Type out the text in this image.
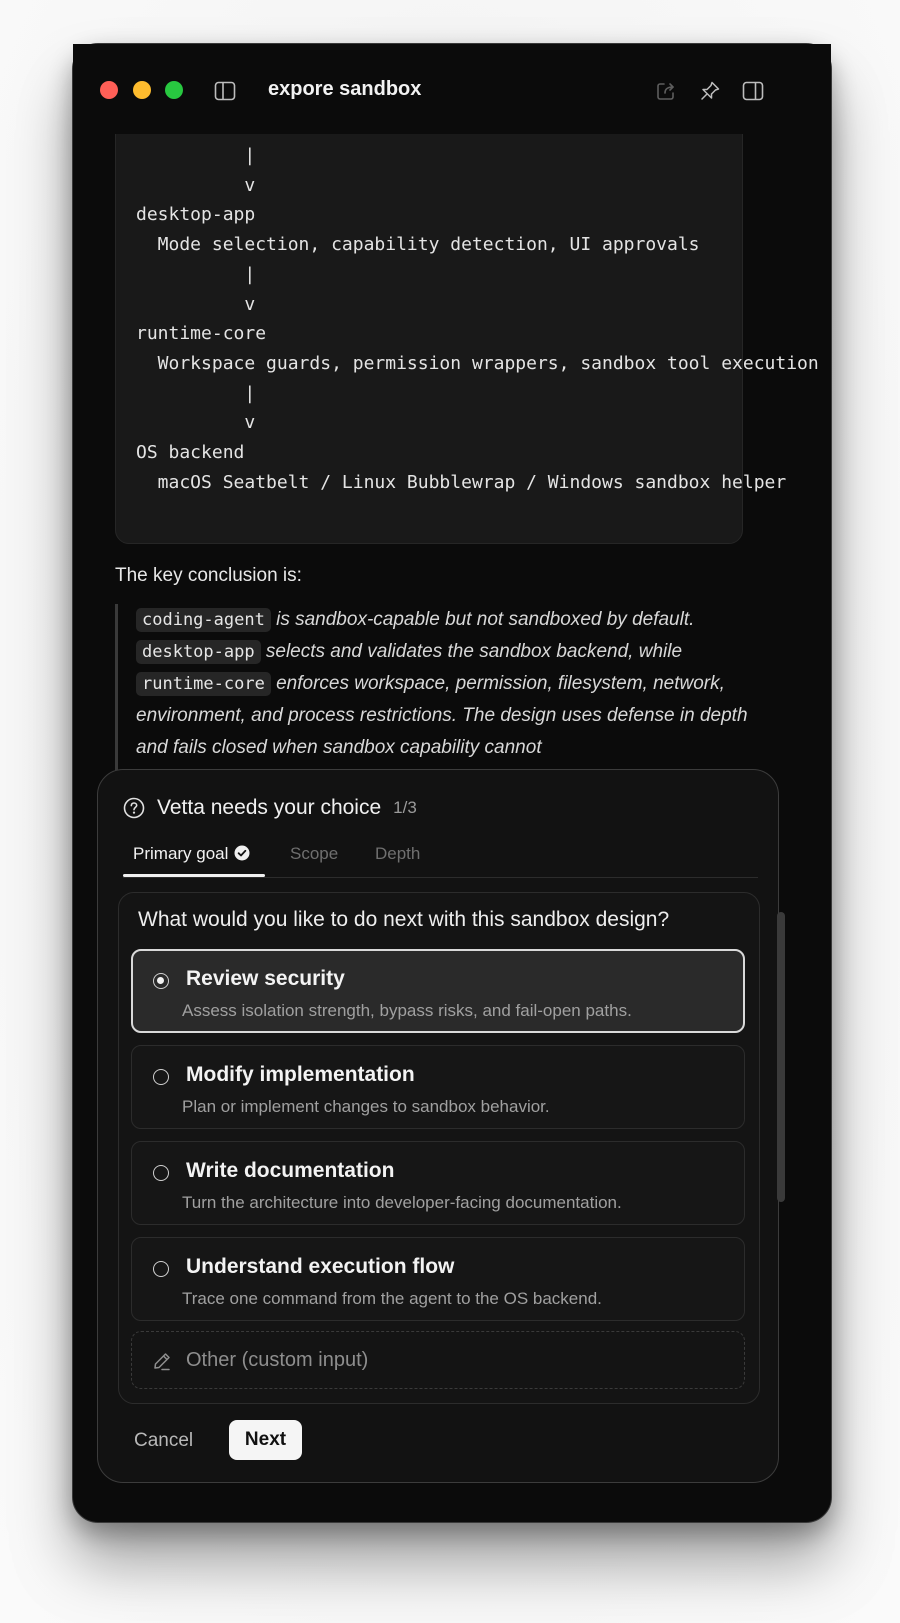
expore sandbox
|
v
desktop-app
Mode selection, capability detection, UI approvals
|
v
runtime-core
Workspace guards, permission wrappers, sandbox tool execution
|
v
OS backend
macOS Seatbelt / Linux Bubblewrap / Windows sandbox helper
The key conclusion is:
coding-agent is sandbox-capable but not sandboxed by default.
desktop-app selects and validates the sandbox backend, while
runtime-core enforces workspace, permission, filesystem, network, environment, and process restrictions. The design uses defense in depth and fails closed when sandbox capability cannot
Vetta needs your choice 1/3
Primary goal	Scope Depth
What would you like to do next with this sandbox design?
Review security
Assess isolation strength, bypass risks, and fail-open paths.
Modify implementation
Plan or implement changes to sandbox behavior.
Write documentation
Turn the architecture into developer-facing documentation.
Understand execution flow
Trace one command from the agent to the OS backend.
Other (custom input)
Cancel	Next
